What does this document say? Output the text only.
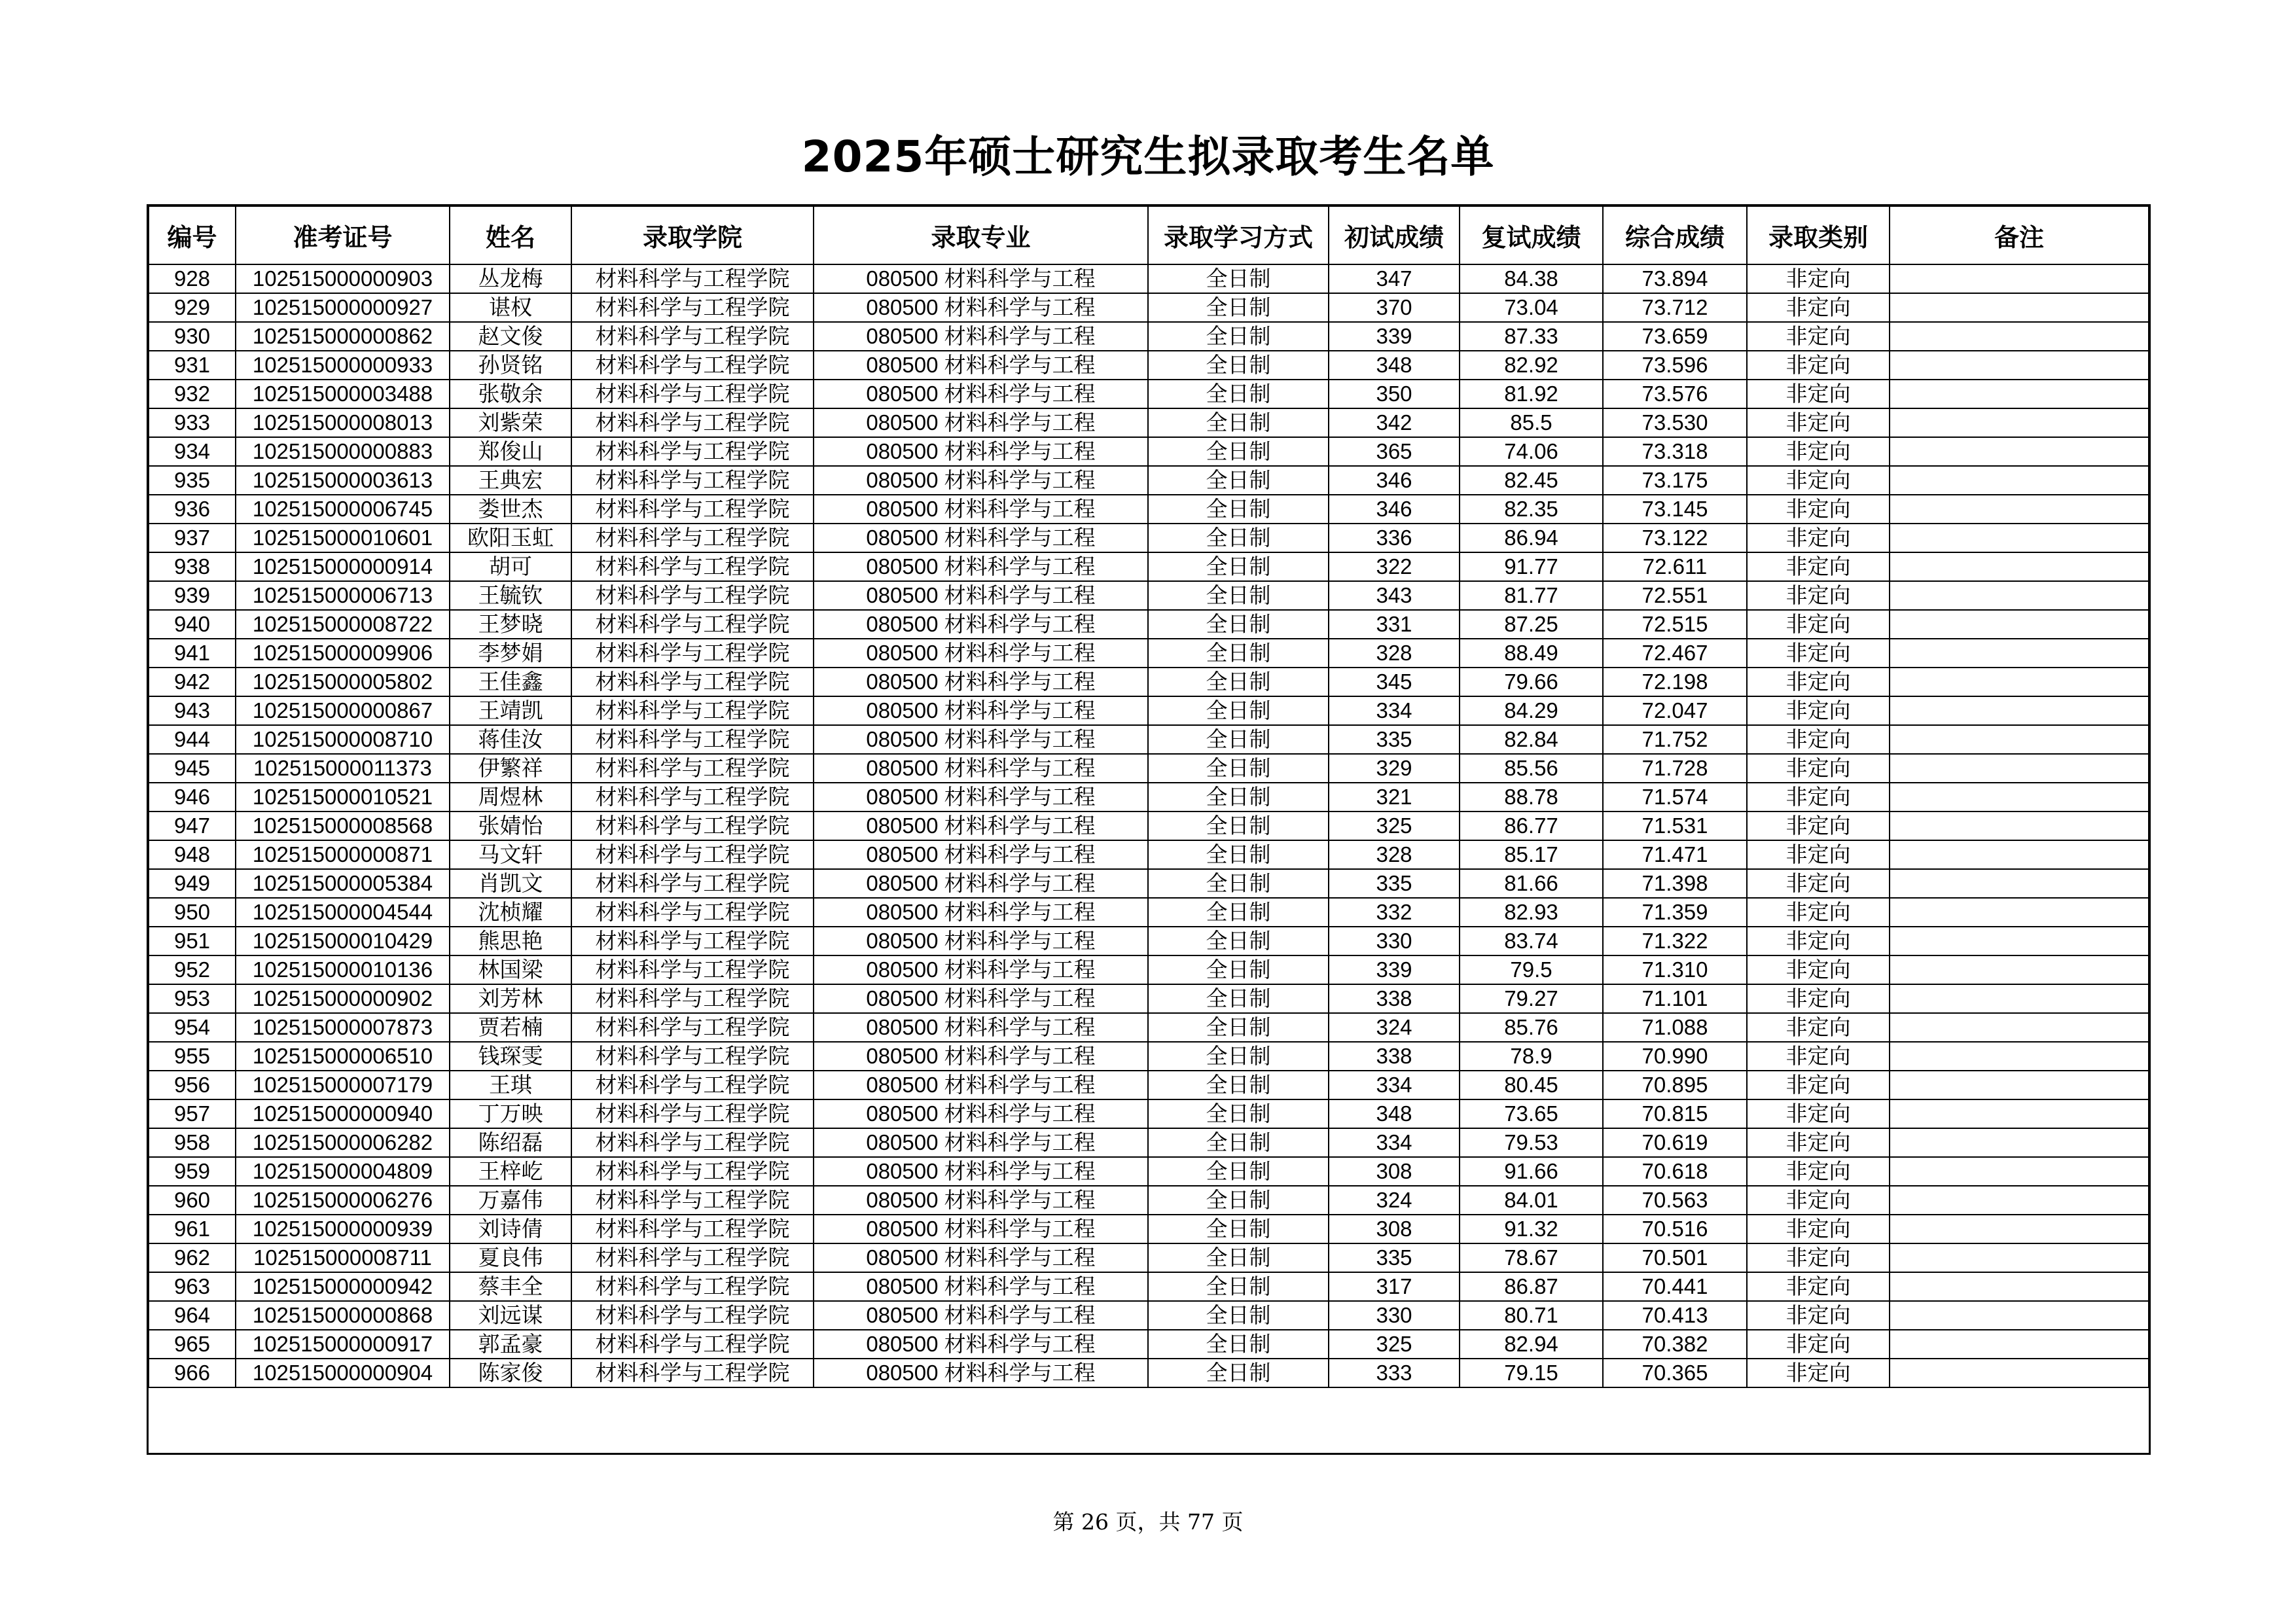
2025年硕士研究生拟录取考生名单
编号	准考证号	姓名	录取学院	录取专业	录取学习方式	初试成绩	复试成绩	综合成绩	录取类别	备注
928	102515000000903	丛龙梅	材料科学与工程学院	080500 材料科学与工程	全日制	347	84.38	73.894	非定向	
929	102515000000927	谌权	材料科学与工程学院	080500 材料科学与工程	全日制	370	73.04	73.712	非定向	
930	102515000000862	赵文俊	材料科学与工程学院	080500 材料科学与工程	全日制	339	87.33	73.659	非定向	
931	102515000000933	孙贤铭	材料科学与工程学院	080500 材料科学与工程	全日制	348	82.92	73.596	非定向	
932	102515000003488	张敬余	材料科学与工程学院	080500 材料科学与工程	全日制	350	81.92	73.576	非定向	
933	102515000008013	刘紫荣	材料科学与工程学院	080500 材料科学与工程	全日制	342	85.5	73.530	非定向	
934	102515000000883	郑俊山	材料科学与工程学院	080500 材料科学与工程	全日制	365	74.06	73.318	非定向	
935	102515000003613	王典宏	材料科学与工程学院	080500 材料科学与工程	全日制	346	82.45	73.175	非定向	
936	102515000006745	娄世杰	材料科学与工程学院	080500 材料科学与工程	全日制	346	82.35	73.145	非定向	
937	102515000010601	欧阳玉虹	材料科学与工程学院	080500 材料科学与工程	全日制	336	86.94	73.122	非定向	
938	102515000000914	胡可	材料科学与工程学院	080500 材料科学与工程	全日制	322	91.77	72.611	非定向	
939	102515000006713	王毓钦	材料科学与工程学院	080500 材料科学与工程	全日制	343	81.77	72.551	非定向	
940	102515000008722	王梦晓	材料科学与工程学院	080500 材料科学与工程	全日制	331	87.25	72.515	非定向	
941	102515000009906	李梦娟	材料科学与工程学院	080500 材料科学与工程	全日制	328	88.49	72.467	非定向	
942	102515000005802	王佳鑫	材料科学与工程学院	080500 材料科学与工程	全日制	345	79.66	72.198	非定向	
943	102515000000867	王靖凯	材料科学与工程学院	080500 材料科学与工程	全日制	334	84.29	72.047	非定向	
944	102515000008710	蒋佳汝	材料科学与工程学院	080500 材料科学与工程	全日制	335	82.84	71.752	非定向	
945	102515000011373	伊繁祥	材料科学与工程学院	080500 材料科学与工程	全日制	329	85.56	71.728	非定向	
946	102515000010521	周煜林	材料科学与工程学院	080500 材料科学与工程	全日制	321	88.78	71.574	非定向	
947	102515000008568	张婧怡	材料科学与工程学院	080500 材料科学与工程	全日制	325	86.77	71.531	非定向	
948	102515000000871	马文轩	材料科学与工程学院	080500 材料科学与工程	全日制	328	85.17	71.471	非定向	
949	102515000005384	肖凯文	材料科学与工程学院	080500 材料科学与工程	全日制	335	81.66	71.398	非定向	
950	102515000004544	沈桢耀	材料科学与工程学院	080500 材料科学与工程	全日制	332	82.93	71.359	非定向	
951	102515000010429	熊思艳	材料科学与工程学院	080500 材料科学与工程	全日制	330	83.74	71.322	非定向	
952	102515000010136	林国梁	材料科学与工程学院	080500 材料科学与工程	全日制	339	79.5	71.310	非定向	
953	102515000000902	刘芳林	材料科学与工程学院	080500 材料科学与工程	全日制	338	79.27	71.101	非定向	
954	102515000007873	贾若楠	材料科学与工程学院	080500 材料科学与工程	全日制	324	85.76	71.088	非定向	
955	102515000006510	钱琛雯	材料科学与工程学院	080500 材料科学与工程	全日制	338	78.9	70.990	非定向	
956	102515000007179	王琪	材料科学与工程学院	080500 材料科学与工程	全日制	334	80.45	70.895	非定向	
957	102515000000940	丁万映	材料科学与工程学院	080500 材料科学与工程	全日制	348	73.65	70.815	非定向	
958	102515000006282	陈绍磊	材料科学与工程学院	080500 材料科学与工程	全日制	334	79.53	70.619	非定向	
959	102515000004809	王梓屹	材料科学与工程学院	080500 材料科学与工程	全日制	308	91.66	70.618	非定向	
960	102515000006276	万嘉伟	材料科学与工程学院	080500 材料科学与工程	全日制	324	84.01	70.563	非定向	
961	102515000000939	刘诗倩	材料科学与工程学院	080500 材料科学与工程	全日制	308	91.32	70.516	非定向	
962	102515000008711	夏良伟	材料科学与工程学院	080500 材料科学与工程	全日制	335	78.67	70.501	非定向	
963	102515000000942	蔡丰全	材料科学与工程学院	080500 材料科学与工程	全日制	317	86.87	70.441	非定向	
964	102515000000868	刘远谋	材料科学与工程学院	080500 材料科学与工程	全日制	330	80.71	70.413	非定向	
965	102515000000917	郭孟豪	材料科学与工程学院	080500 材料科学与工程	全日制	325	82.94	70.382	非定向	
966	102515000000904	陈家俊	材料科学与工程学院	080500 材料科学与工程	全日制	333	79.15	70.365	非定向	
第 26 页，共 77 页
